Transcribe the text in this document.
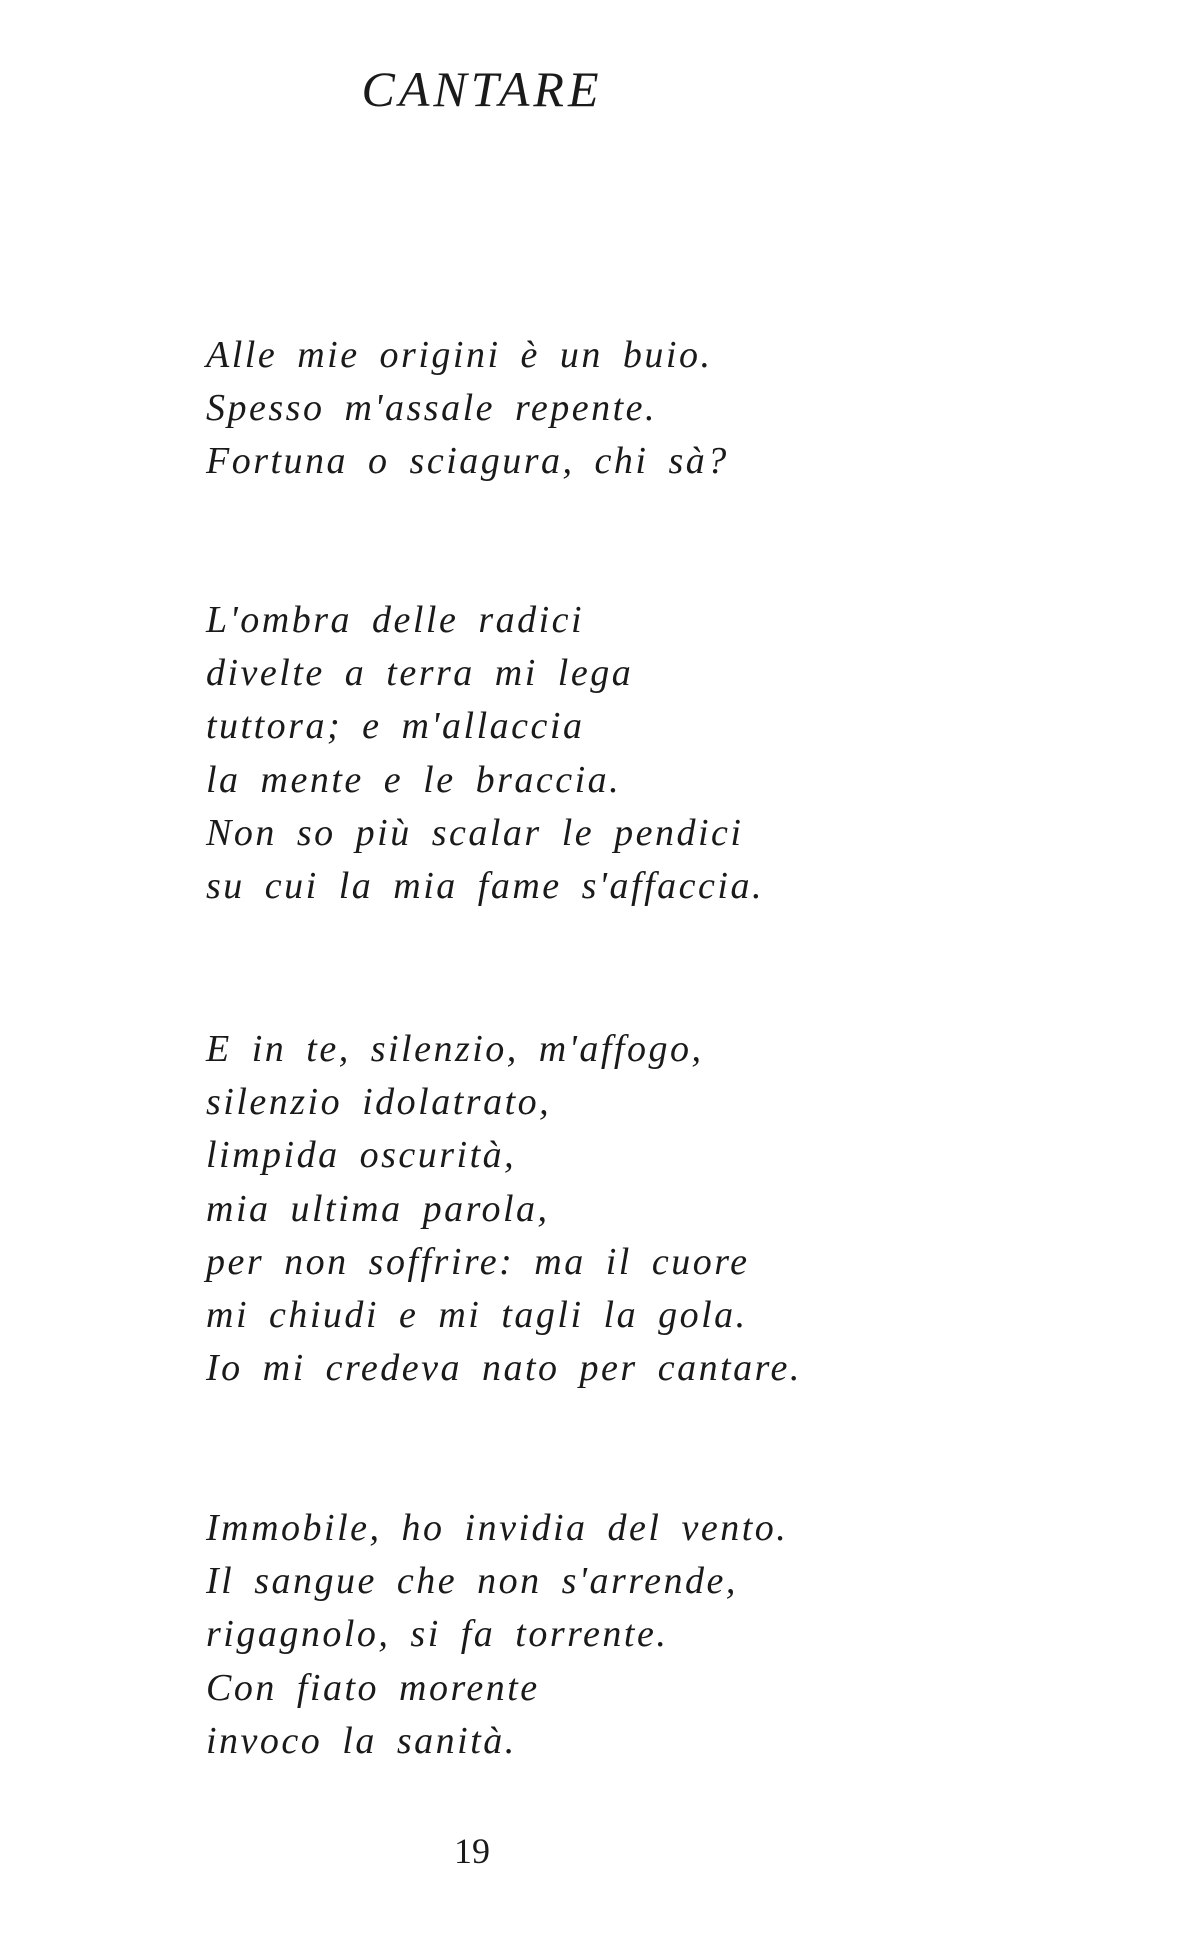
CANTARE
Alle mie origini è un buio.
Spesso m'assale repente.
Fortuna o sciagura, chi sà?
L'ombra delle radici
divelte a terra mi lega
tuttora; e m'allaccia
la mente e le braccia.
Non so più scalar le pendici
su cui la mia fame s'affaccia.
E in te, silenzio, m'affogo,
silenzio idolatrato,
limpida oscurità,
mia ultima parola,
per non soffrire: ma il cuore
mi chiudi e mi tagli la gola.
Io mi credeva nato per cantare.
Immobile, ho invidia del vento.
Il sangue che non s'arrende,
rigagnolo, si fa torrente.
Con fiato morente
invoco la sanità.
19
